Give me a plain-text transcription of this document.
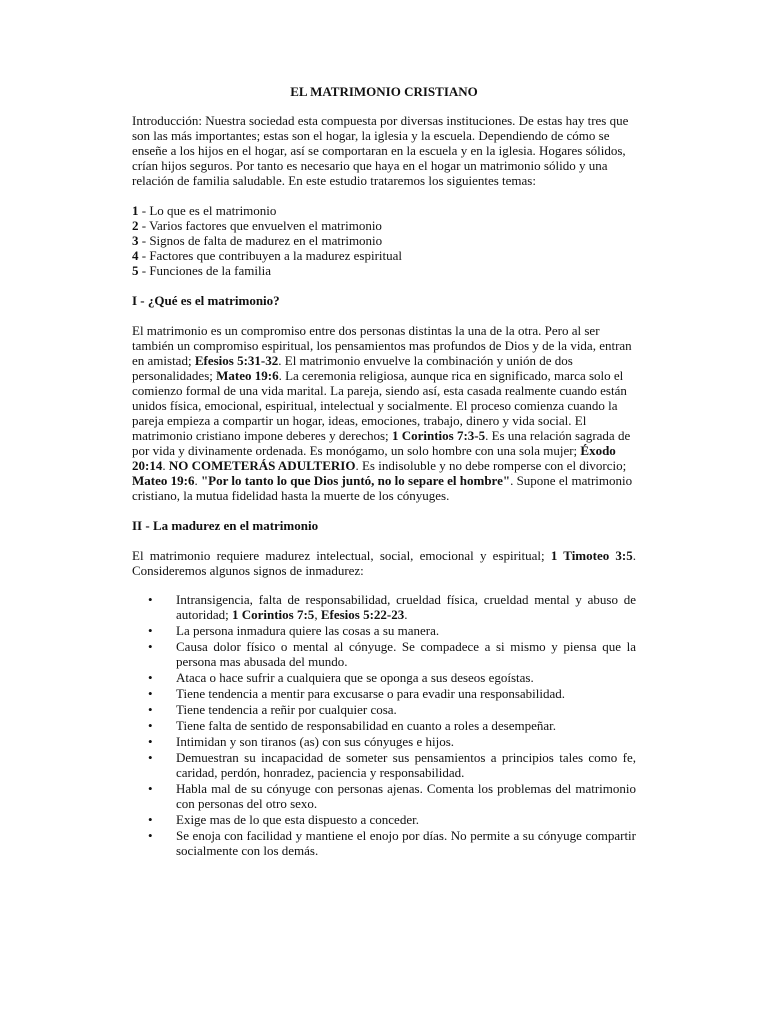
EL MATRIMONIO CRISTIANO

Introducción: Nuestra sociedad esta compuesta por diversas instituciones. De estas hay tres que son las más importantes; estas son el hogar, la iglesia y la escuela. Dependiendo de cómo se enseñe a los hijos en el hogar, así se comportaran en la escuela y en la iglesia. Hogares sólidos, crían hijos seguros. Por tanto es necesario que haya en el hogar un matrimonio sólido y una relación de familia saludable. En este estudio trataremos los siguientes temas:

1 - Lo que es el matrimonio
2 - Varios factores que envuelven el matrimonio
3 - Signos de falta de madurez en el matrimonio
4 - Factores que contribuyen a la madurez espiritual
5 - Funciones de la familia
I - ¿Qué es el matrimonio?

El matrimonio es un compromiso entre dos personas distintas la una de la otra. Pero al ser también un compromiso espiritual, los pensamientos mas profundos de Dios y de la vida, entran en amistad; Efesios 5:31-32. El matrimonio envuelve la combinación y unión de dos personalidades; Mateo 19:6. La ceremonia religiosa, aunque rica en significado, marca solo el comienzo formal de una vida marital. La pareja, siendo así, esta casada realmente cuando están unidos física, emocional, espiritual, intelectual y socialmente. El proceso comienza cuando la pareja empieza a compartir un hogar, ideas, emociones, trabajo, dinero y vida social. El matrimonio cristiano impone deberes y derechos; 1 Corintios 7:3-5. Es una relación sagrada de por vida y divinamente ordenada. Es monógamo, un solo hombre con una sola mujer; Éxodo 20:14. NO COMETERÁS ADULTERIO. Es indisoluble y no debe romperse con el divorcio; Mateo 19:6. "Por lo tanto lo que Dios juntó, no lo separe el hombre". Supone el matrimonio cristiano, la mutua fidelidad hasta la muerte de los cónyuges.

II - La madurez en el matrimonio

El matrimonio requiere madurez intelectual, social, emocional y espiritual; 1 Timoteo 3:5. Consideremos algunos signos de inmadurez:

• Intransigencia, falta de responsabilidad, crueldad física, crueldad mental y abuso de autoridad; 1 Corintios 7:5, Efesios 5:22-23.
• La persona inmadura quiere las cosas a su manera.
• Causa dolor físico o mental al cónyuge. Se compadece a si mismo y piensa que la persona mas abusada del mundo.
• Ataca o hace sufrir a cualquiera que se oponga a sus deseos egoístas.
• Tiene tendencia a mentir para excusarse o para evadir una responsabilidad.
• Tiene tendencia a reñir por cualquier cosa.
• Tiene falta de sentido de responsabilidad en cuanto a roles a desempeñar.
• Intimidan y son tiranos (as) con sus cónyuges e hijos.
• Demuestran su incapacidad de someter sus pensamientos a principios tales como fe, caridad, perdón, honradez, paciencia y responsabilidad.
• Habla mal de su cónyuge con personas ajenas. Comenta los problemas del matrimonio con personas del otro sexo.
• Exige mas de lo que esta dispuesto a conceder.
• Se enoja con facilidad y mantiene el enojo por días. No permite a su cónyuge compartir socialmente con los demás.
